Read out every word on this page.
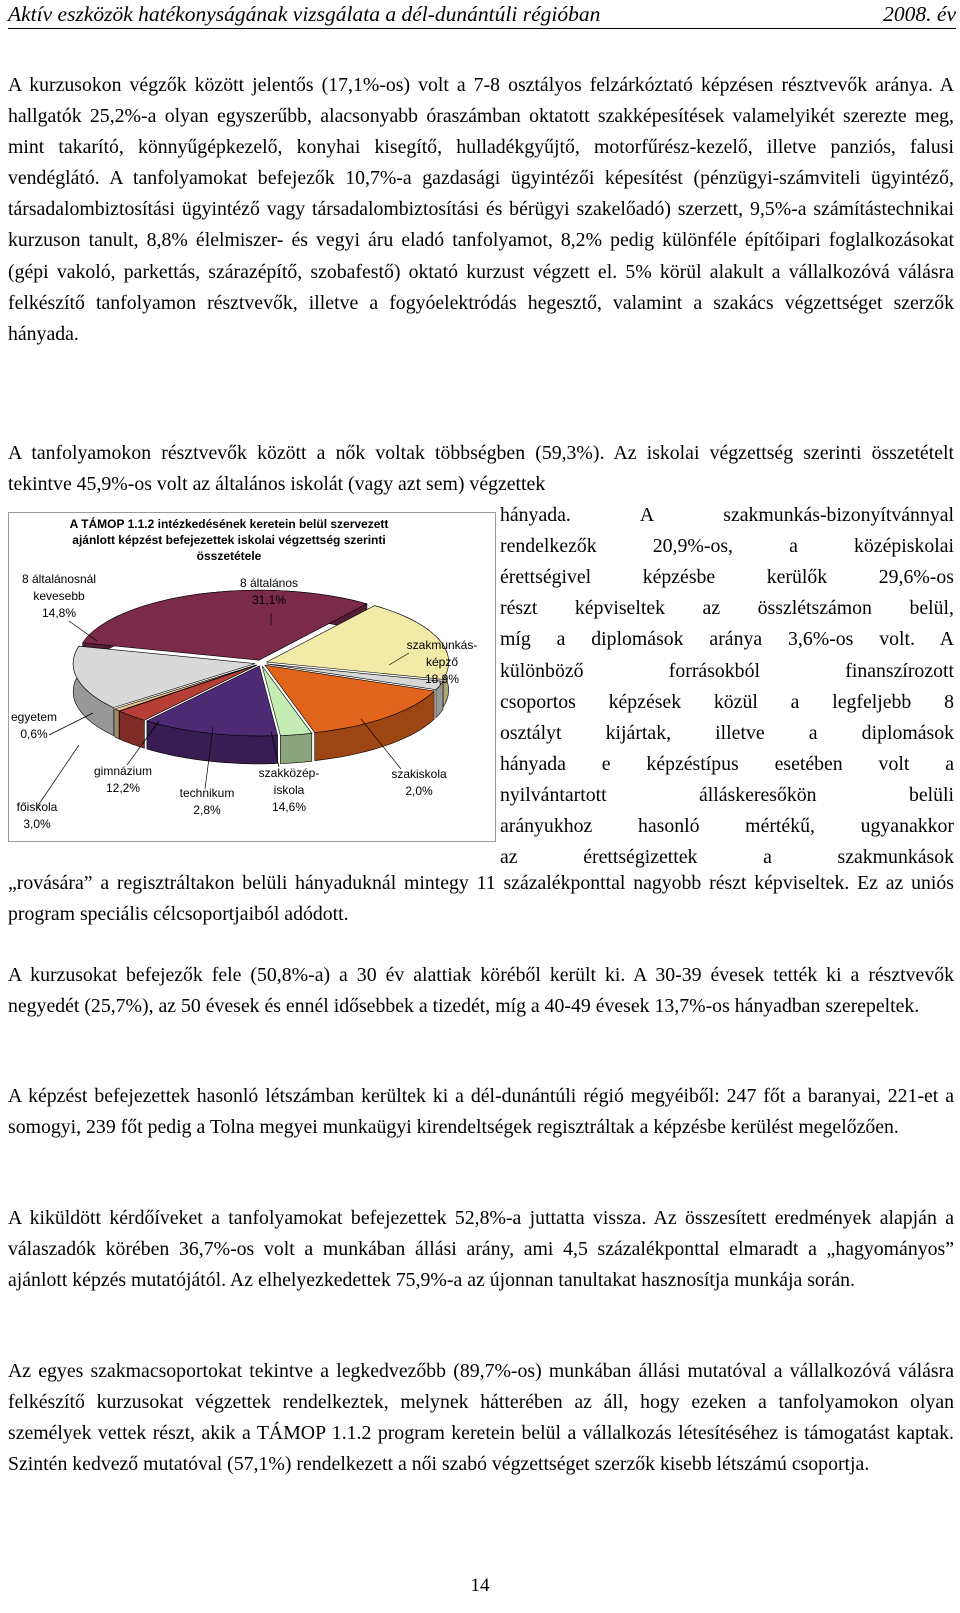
Aktív eszközök hatékonyságának vizsgálata a dél-dunántúli régióban	2008. év

A kurzusokon végzők között jelentős (17,1%-os) volt a 7-8 osztályos felzárkóztató képzésen résztvevők aránya. A hallgatók 25,2%-a olyan egyszerűbb, alacsonyabb óraszámban oktatott szakképesítések valamelyikét szerezte meg, mint takarító, könnyűgépkezelő, konyhai kisegítő, hulladékgyűjtő, motorfűrész-kezelő, illetve panziós, falusi vendéglátó. A tanfolyamokat befejezők 10,7%-a gazdasági ügyintézői képesítést (pénzügyi-számviteli ügyintéző, társadalombiztosítási ügyintéző vagy társadalombiztosítási és bérügyi szakelőadó) szerzett, 9,5%-a számítástechnikai kurzuson tanult, 8,8% élelmiszer- és vegyi áru eladó tanfolyamot, 8,2% pedig különféle építőipari foglalkozásokat (gépi vakoló, parkettás, szárazépítő, szobafestő) oktató kurzust végzett el. 5% körül alakult a vállalkozóvá válásra felkészítő tanfolyamon résztvevők, illetve a fogyóelektródás hegesztő, valamint a szakács végzettséget szerzők hányada.

A tanfolyamokon résztvevők között a nők voltak többségben (59,3%). Az iskolai végzettség szerinti összetételt tekintve 45,9%-os volt az általános iskolát (vagy azt sem) végzettek

A TÁMOP 1.1.2 intézkedésének keretein belül szervezett
ajánlott képzést befejezettek iskolai végzettség szerinti
összetétele
8 általánosnál
kevesebb
14,8%
8 általános
31,1%
szakmunkás-
képző
18,9%
egyetem
0,6%
gimnázium
12,2%
szakközép-
iskola
14,6%
szakiskola
2,0%
technikum
2,8%
főiskola
3,0%

hányada. A szakmunkás-bizonyítvánnyal

rendelkezők 20,9%-os, a középiskolai

érettségivel képzésbe kerülők 29,6%-os

részt képviseltek az összlétszámon belül,

míg a diplomások aránya 3,6%-os volt. A

különböző forrásokból finanszírozott

csoportos képzések közül a legfeljebb 8

osztályt kijártak, illetve a diplomások

hányada e képzéstípus esetében volt a

nyilvántartott álláskeresőkön belüli

arányukhoz hasonló mértékű, ugyanakkor

az érettségizettek a szakmunkások

„rovására” a regisztráltakon belüli hányaduknál mintegy 11 százalékponttal nagyobb részt képviseltek. Ez az uniós program speciális célcsoportjaiból adódott.

A kurzusokat befejezők fele (50,8%-a) a 30 év alattiak köréből került ki. A 30-39 évesek tették ki a résztvevők negyedét (25,7%), az 50 évesek és ennél idősebbek a tizedét, míg a 40-49 évesek 13,7%-os hányadban szerepeltek.

A képzést befejezettek hasonló létszámban kerültek ki a dél-dunántúli régió megyéiből: 247 főt a baranyai, 221-et a somogyi, 239 főt pedig a Tolna megyei munkaügyi kirendeltségek regisztráltak a képzésbe kerülést megelőzően.

A kiküldött kérdőíveket a tanfolyamokat befejezettek 52,8%-a juttatta vissza. Az összesített eredmények alapján a válaszadók körében 36,7%-os volt a munkában állási arány, ami 4,5 százalékponttal elmaradt a „hagyományos” ajánlott képzés mutatójától. Az elhelyezkedettek 75,9%-a az újonnan tanultakat hasznosítja munkája során.

Az egyes szakmacsoportokat tekintve a legkedvezőbb (89,7%-os) munkában állási mutatóval a vállalkozóvá válásra felkészítő kurzusokat végzettek rendelkeztek, melynek hátterében az áll, hogy ezeken a tanfolyamokon olyan személyek vettek részt, akik a TÁMOP 1.1.2 program keretein belül a vállalkozás létesítéséhez is támogatást kaptak. Szintén kedvező mutatóval (57,1%) rendelkezett a női szabó végzettséget szerzők kisebb létszámú csoportja.

14
